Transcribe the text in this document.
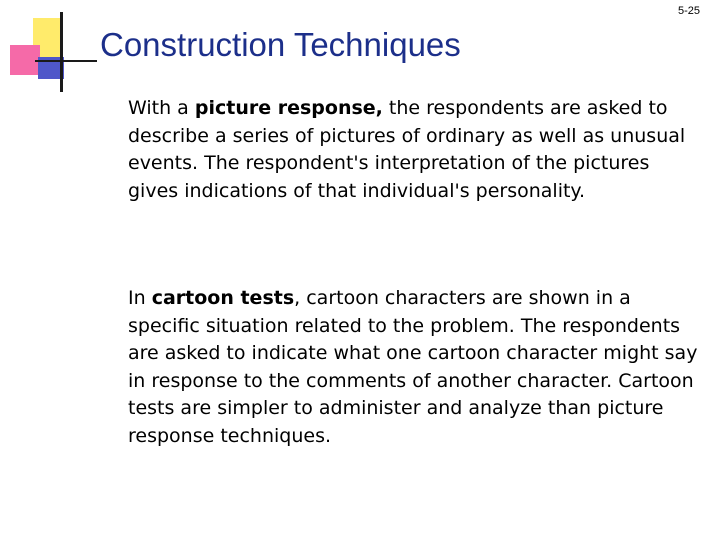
5-25
Construction Techniques

With a picture response, the respondents are asked to describe a series of pictures of ordinary as well as unusual events. The respondent's interpretation of the pictures gives indications of that individual's personality.

In cartoon tests, cartoon characters are shown in a specific situation related to the problem. The respondents are asked to indicate what one cartoon character might say in response to the comments of another character. Cartoon tests are simpler to administer and analyze than picture response techniques.
